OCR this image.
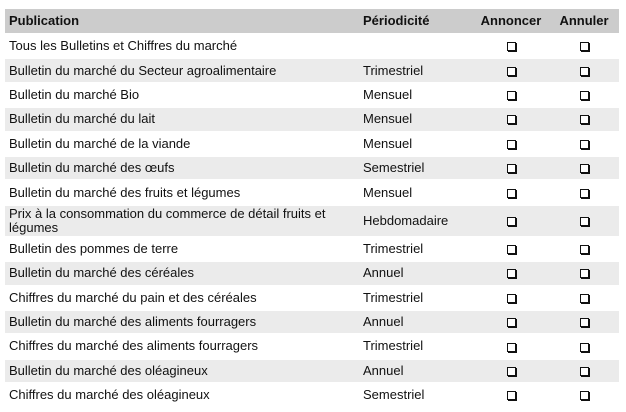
Publication	Périodicité	Annoncer	Annuler
Tous les Bulletins et Chiffres du marché			
Bulletin du marché du Secteur agroalimentaire	Trimestriel		
Bulletin du marché Bio	Mensuel		
Bulletin du marché du lait	Mensuel		
Bulletin du marché de la viande	Mensuel		
Bulletin du marché des œufs	Semestriel		
Bulletin du marché des fruits et légumes	Mensuel		
Prix à la consommation du commerce de détail fruits et légumes	Hebdomadaire		
Bulletin des pommes de terre	Trimestriel		
Bulletin du marché des céréales	Annuel		
Chiffres du marché du pain et des céréales	Trimestriel		
Bulletin du marché des aliments fourragers	Annuel		
Chiffres du marché des aliments fourragers	Trimestriel		
Bulletin du marché des oléagineux	Annuel		
Chiffres du marché des oléagineux	Semestriel		
